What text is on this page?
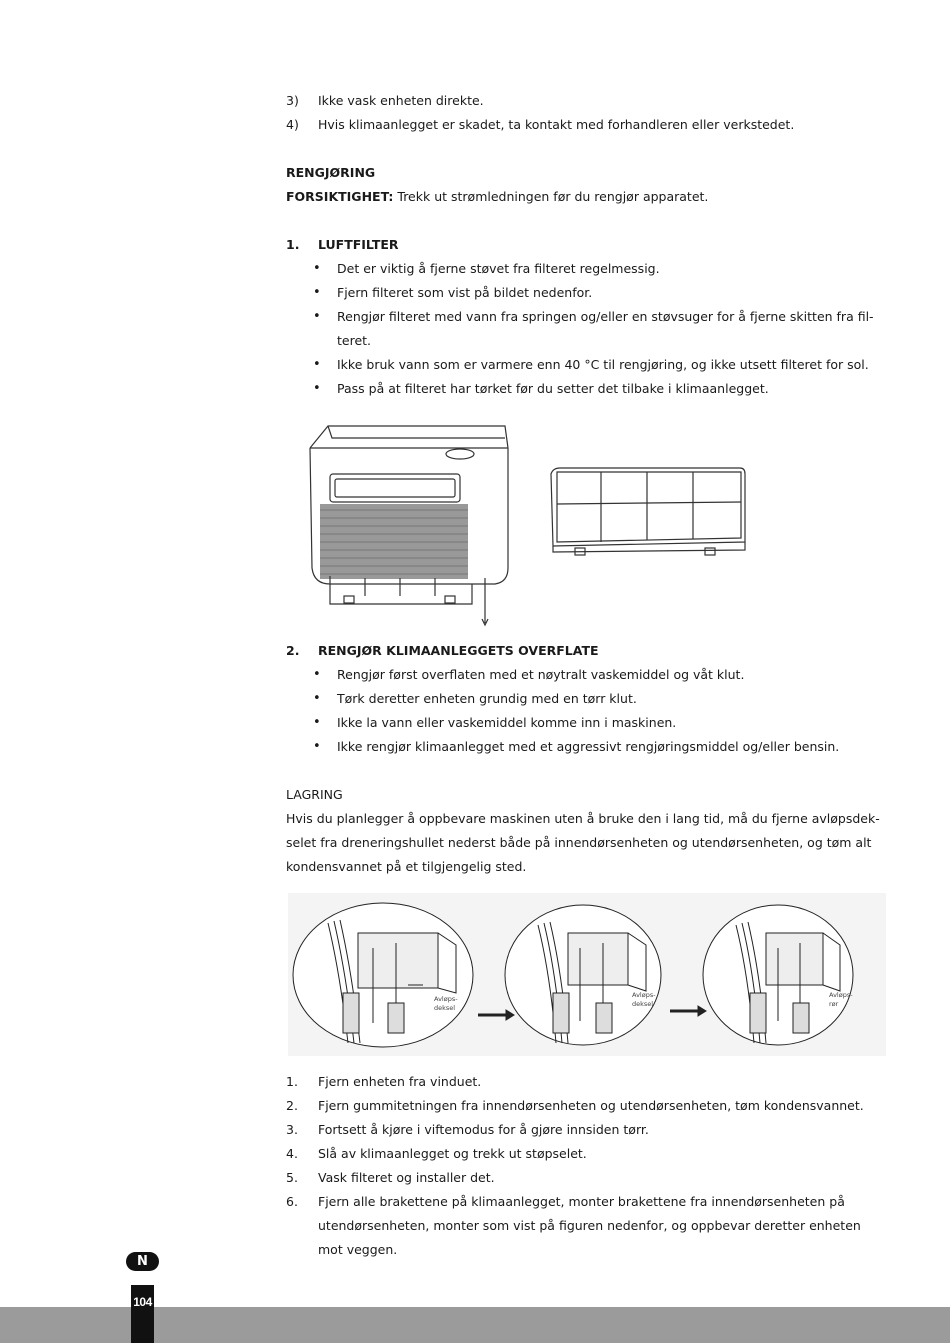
3) Ikke vask enheten direkte.
4) Hvis klimaanlegget er skadet, ta kontakt med forhandleren eller verkstedet.
RENGJØRING
FORSIKTIGHET: Trekk ut strømledningen før du rengjør apparatet.
1. LUFTFILTER
• Det er viktig å fjerne støvet fra filteret regelmessig.
• Fjern filteret som vist på bildet nedenfor.
• Rengjør filteret med vann fra springen og/eller en støvsuger for å fjerne skitten fra fil-
teret.
• Ikke bruk vann som er varmere enn 40 °C til rengjøring, og ikke utsett filteret for sol.
• Pass på at filteret har tørket før du setter det tilbake i klimaanlegget.
2. RENGJØR KLIMAANLEGGETS OVERFLATE
• Rengjør først overflaten med et nøytralt vaskemiddel og våt klut.
• Tørk deretter enheten grundig med en tørr klut.
• Ikke la vann eller vaskemiddel komme inn i maskinen.
• Ikke rengjør klimaanlegget med et aggressivt rengjøringsmiddel og/eller bensin.
LAGRING
Hvis du planlegger å oppbevare maskinen uten å bruke den i lang tid, må du fjerne avløpsdek-
selet fra dreneringshullet nederst både på innendørsenheten og utendørsenheten, og tøm alt
kondensvannet på et tilgjengelig sted.
Avløps-
deksel
Avløps-
deksel
Avløps-
rør
1. Fjern enheten fra vinduet.
2. Fjern gummitetningen fra innendørsenheten og utendørsenheten, tøm kondensvannet.
3. Fortsett å kjøre i viftemodus for å gjøre innsiden tørr.
4. Slå av klimaanlegget og trekk ut støpselet.
5. Vask filteret og installer det.
6. Fjern alle brakettene på klimaanlegget, monter brakettene fra innendørsenheten på
utendørsenheten, monter som vist på figuren nedenfor, og oppbevar deretter enheten
mot veggen.
N
104
